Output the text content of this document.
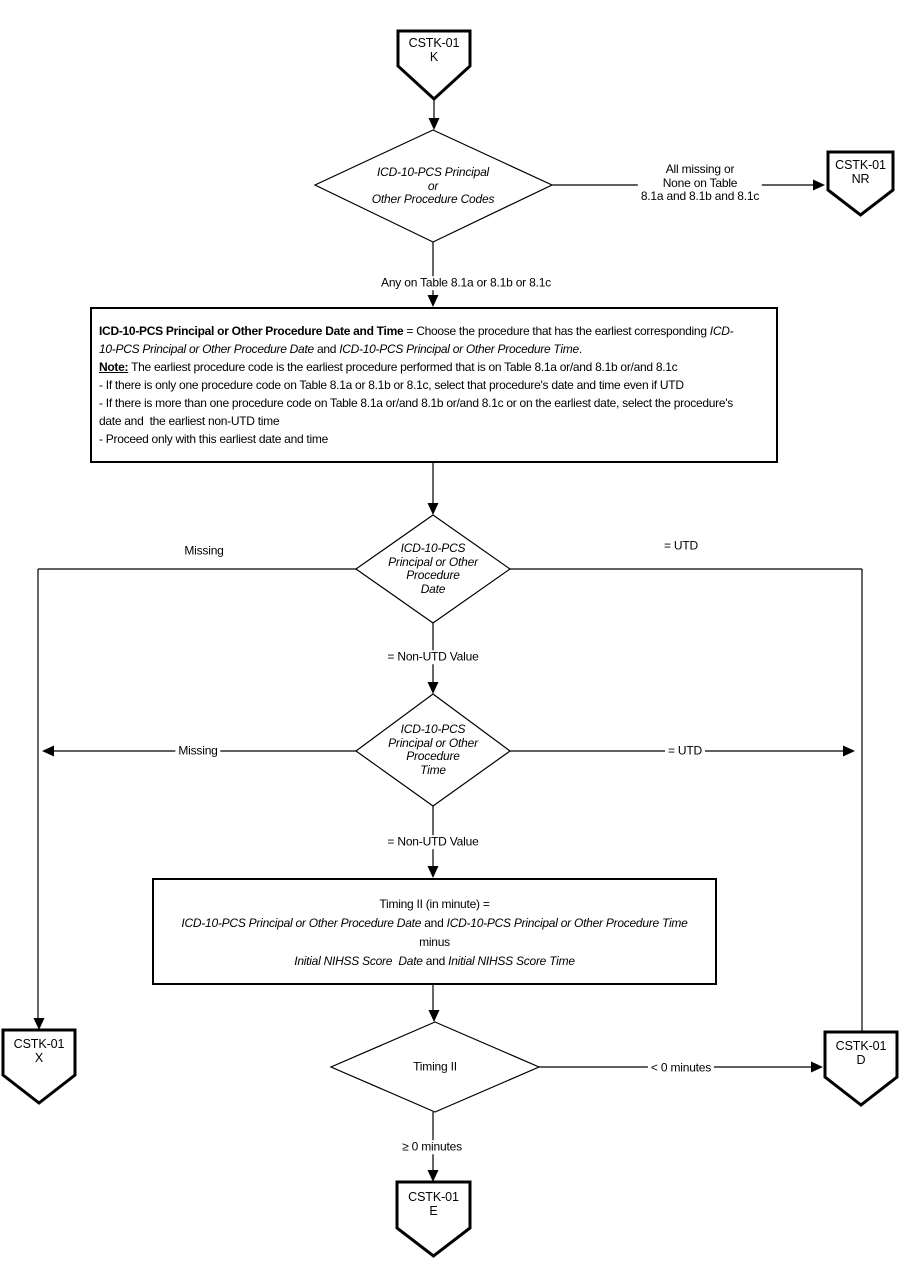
ICD-10-PCS Principal or Other Procedure Date and Time = Choose the procedure that has the earliest corresponding ICD-
10-PCS Principal or Other Procedure Date and ICD-10-PCS Principal or Other Procedure Time.
Note: The earliest procedure code is the earliest procedure performed that is on Table 8.1a or/and 8.1b or/and 8.1c
- If there is only one procedure code on Table 8.1a or 8.1b or 8.1c, select that procedure's date and time even if UTD
- If there is more than one procedure code on Table 8.1a or/and 8.1b or/and 8.1c or on the earliest date, select the procedure's
date and  the earliest non-UTD time
- Proceed only with this earliest date and time
Timing II (in minute) =
ICD-10-PCS Principal or Other Procedure Date and ICD-10-PCS Principal or Other Procedure Time
minus
Initial NIHSS Score  Date and Initial NIHSS Score Time
CSTK-01
K
CSTK-01
NR
CSTK-01
X
CSTK-01
D
CSTK-01
E
ICD-10-PCS Principal
or
Other Procedure Codes
ICD-10-PCS
Principal or Other
Procedure
Date
ICD-10-PCS
Principal or Other
Procedure
Time
Timing II
All missing or
None on Table
8.1a and 8.1b and 8.1c
Any on Table 8.1a or 8.1b or 8.1c
Missing	= UTD
= Non-UTD Value
Missing	= UTD
= Non-UTD Value
< 0 minutes
≥ 0 minutes
